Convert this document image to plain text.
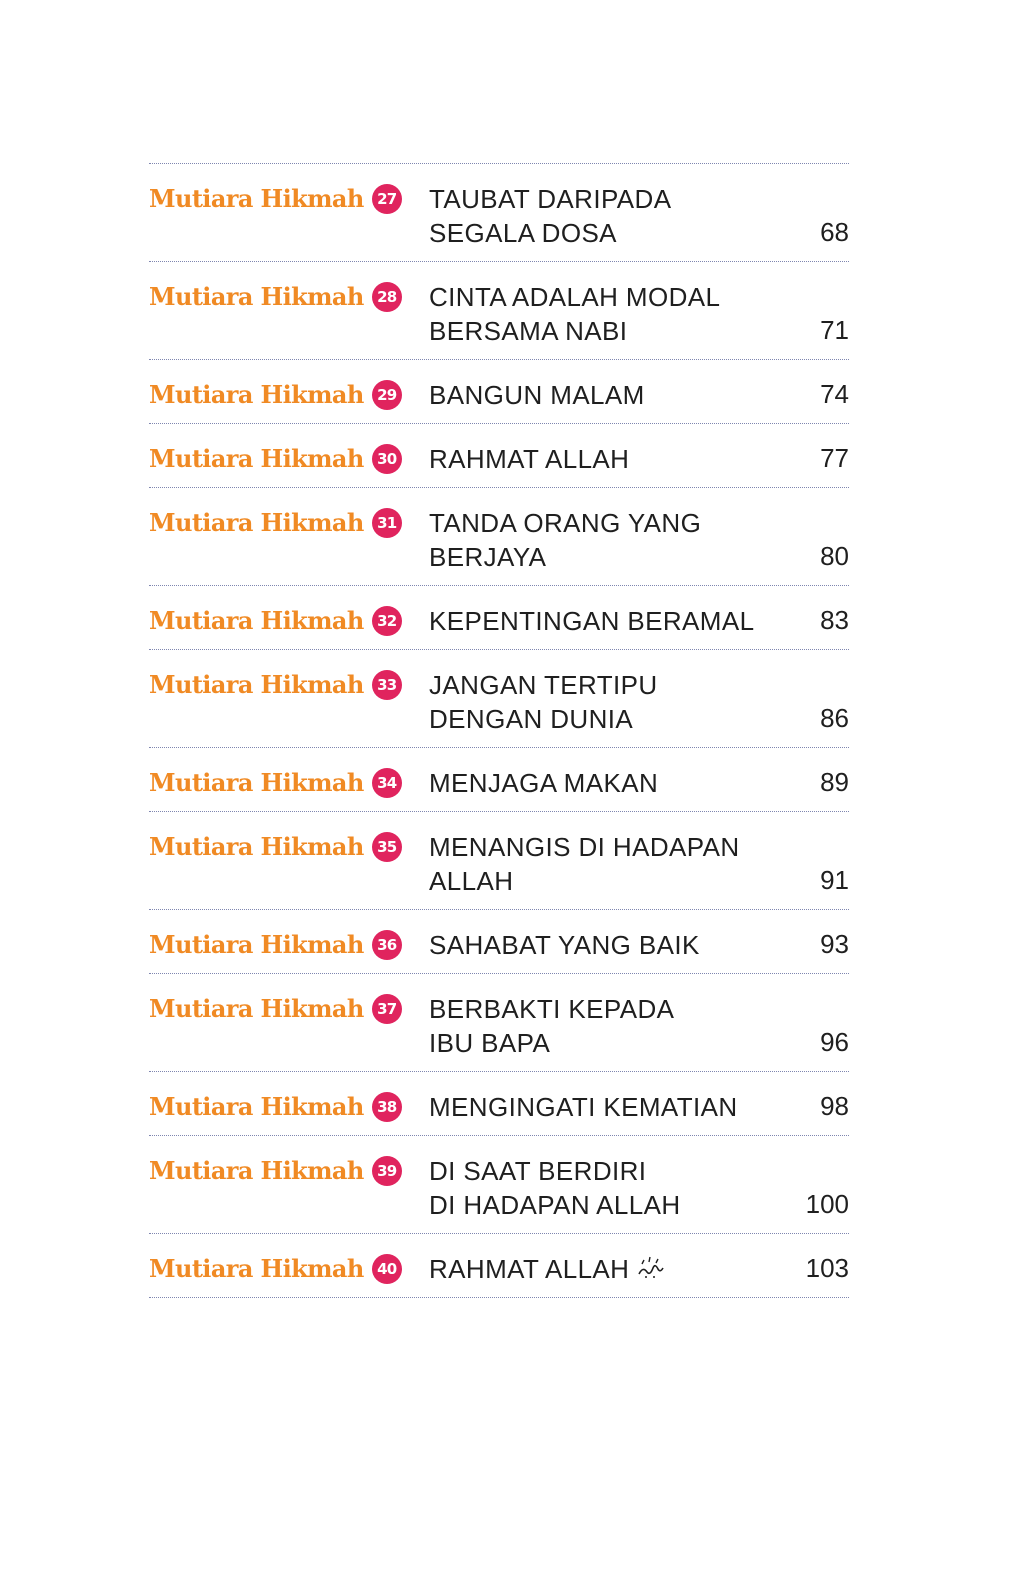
Mutiara Hikmah 27 TAUBAT DARIPADA
SEGALA DOSA	68
Mutiara Hikmah 28 CINTA ADALAH MODAL
BERSAMA NABI	71
Mutiara Hikmah 29 BANGUN MALAM	74
Mutiara Hikmah 30 RAHMAT ALLAH	77
Mutiara Hikmah 31 TANDA ORANG YANG
BERJAYA	80
Mutiara Hikmah 32 KEPENTINGAN BERAMAL	83
Mutiara Hikmah 33 JANGAN TERTIPU
DENGAN DUNIA	86
Mutiara Hikmah 34 MENJAGA MAKAN	89
Mutiara Hikmah 35 MENANGIS DI HADAPAN
ALLAH	91
Mutiara Hikmah 36 SAHABAT YANG BAIK	93
Mutiara Hikmah 37 BERBAKTI KEPADA
IBU BAPA	96
Mutiara Hikmah 38 MENGINGATI KEMATIAN	98
Mutiara Hikmah 39 DI SAAT BERDIRI
DI HADAPAN ALLAH	100
Mutiara Hikmah 40 RAHMAT ALLAH	103
